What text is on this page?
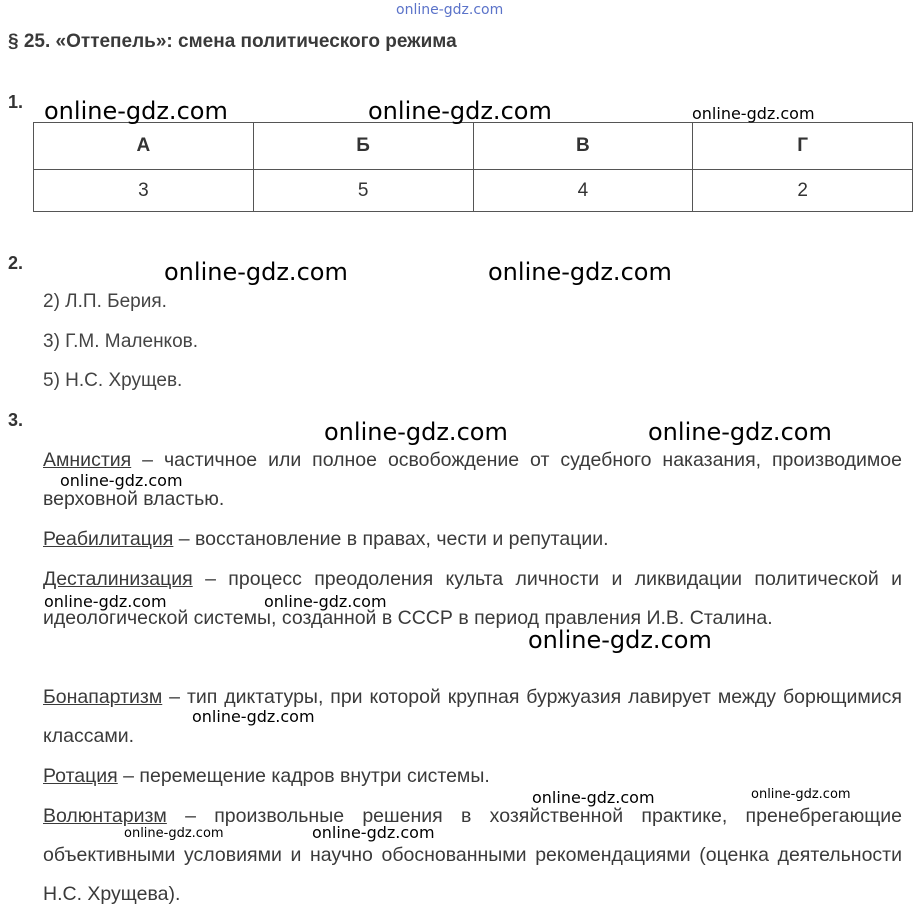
online-gdz.com
§ 25. «Оттепель»: смена политического режима
1.
А	Б	В	Г
3	5	4	2
2.
2) Л.П. Берия.
3) Г.М. Маленков.
5) Н.С. Хрущев.
3.
Амнистия – частичное или полное освобождение от судебного наказания, производимое верховной властью.
Реабилитация – восстановление в правах, чести и репутации.
Десталинизация – процесс преодоления культа личности и ликвидации политической и идеологической системы, созданной в СССР в период правления И.В. Сталина.
Бонапартизм – тип диктатуры, при которой крупная буржуазия лавирует между борющимися классами.
Ротация – перемещение кадров внутри системы.
Волюнтаризм – произвольные решения в хозяйственной практике, пренебрегающие объективными условиями и научно обоснованными рекомендациями (оценка деятельности Н.С. Хрущева).
online-gdz.com	online-gdz.com	online-gdz.com
online-gdz.com	online-gdz.com
online-gdz.com	online-gdz.com
online-gdz.com
online-gdz.com	online-gdz.com
online-gdz.com
online-gdz.com
online-gdz.com	online-gdz.com
online-gdz.com	online-gdz.com
